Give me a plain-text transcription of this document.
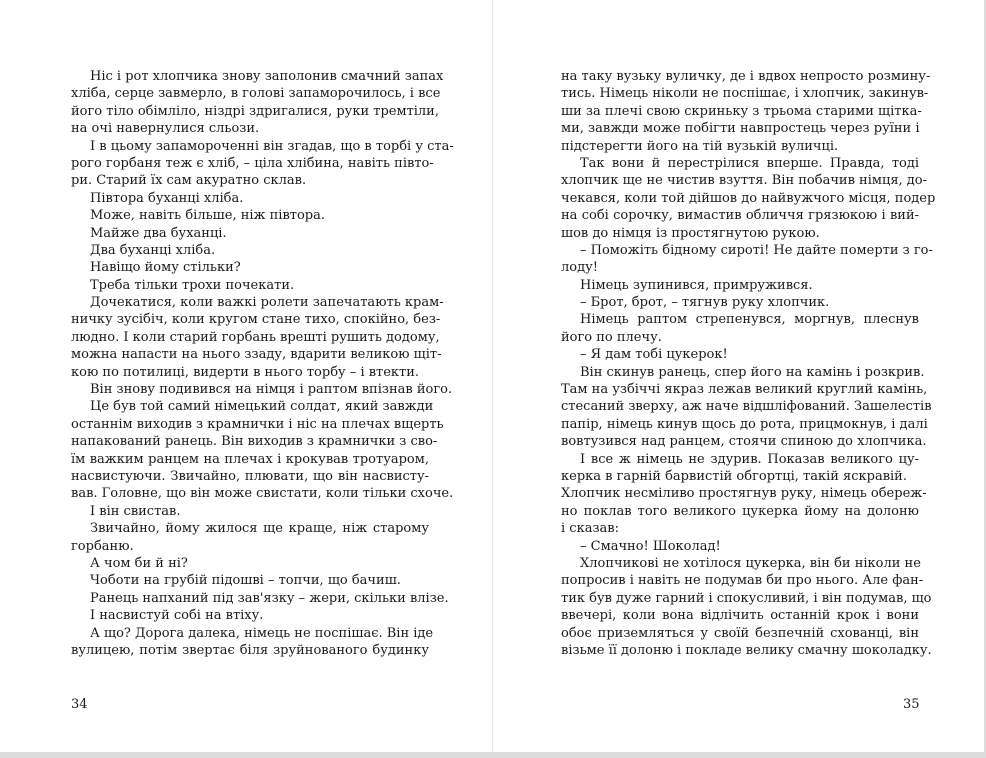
Ніс і рот хлопчика знову заполонив смачний запах
хліба, серце завмерло, в голові запаморочилось, і все
його тіло обімліло, ніздрі здригалися, руки тремтіли,
на очі навернулися сльози.
І в цьому запамороченні він згадав, що в торбі у ста-
рого горбаня теж є хліб, – ціла хлібина, навіть півто-
ри. Старий їх сам акуратно склав.
Півтора буханці хліба.
Може, навіть більше, ніж півтора.
Майже два буханці.
Два буханці хліба.
Навіщо йому стільки?
Треба тільки трохи почекати.
Дочекатися, коли важкі ролети запечатають крам-
ничку зусібіч, коли кругом стане тихо, спокійно, без-
людно. І коли старий горбань врешті рушить додому,
можна напасти на нього ззаду, вдарити великою щіт-
кою по потилиці, видерти в нього торбу – і втекти.
Він знову подивився на німця і раптом впізнав його.
Це був той самий німецький солдат, який завжди
останнім виходив з крамнички і ніс на плечах вщерть
напакований ранець. Він виходив з крамнички з сво-
їм важким ранцем на плечах і крокував тротуаром,
насвистуючи. Звичайно, плювати, що він насвисту-
вав. Головне, що він може свистати, коли тільки схоче.
І він свистав.
Звичайно, йому жилося ще краще, ніж старому
горбаню.
А чом би й ні?
Чоботи на грубій підошві – топчи, що бачиш.
Ранець напханий під зав'язку – жери, скільки влізе.
І насвистуй собі на втіху.
А що? Дорога далека, німець не поспішає. Він іде
вулицею, потім звертає біля зруйнованого будинку
на таку вузьку вуличку, де і вдвох непросто розмину-
тись. Німець ніколи не поспішає, і хлопчик, закинув-
ши за плечі свою скриньку з трьома старими щітка-
ми, завжди може побігти навпростець через руїни і
підстерегти його на тій вузькій вуличці.
Так вони й перестрілися вперше. Правда, тоді
хлопчик ще не чистив взуття. Він побачив німця, до-
чекався, коли той дійшов до найвужчого місця, подер
на собі сорочку, вимастив обличчя грязюкою і вий-
шов до німця із простягнутою рукою.
– Поможіть бідному сироті! Не дайте померти з го-
лоду!
Німець зупинився, примружився.
– Брот, брот, – тягнув руку хлопчик.
Німець раптом стрепенувся, моргнув, плеснув
його по плечу.
– Я дам тобі цукерок!
Він скинув ранець, спер його на камінь і розкрив.
Там на узбіччі якраз лежав великий круглий камінь,
стесаний зверху, аж наче відшліфований. Зашелестів
папір, німець кинув щось до рота, прицмокнув, і далі
вовтузився над ранцем, стоячи спиною до хлопчика.
І все ж німець не здурив. Показав великого цу-
керка в гарній барвистій обгортці, такій яскравій.
Хлопчик несміливо простягнув руку, німець обереж-
но поклав того великого цукерка йому на долоню
і сказав:
– Смачно! Шоколад!
Хлопчикові не хотілося цукерка, він би ніколи не
попросив і навіть не подумав би про нього. Але фан-
тик був дуже гарний і спокусливий, і він подумав, що
ввечері, коли вона відлічить останній крок і вони
обоє приземляться у своїй безпечній схованці, він
візьме її долоню і покладе велику смачну шоколадку.
34	35
